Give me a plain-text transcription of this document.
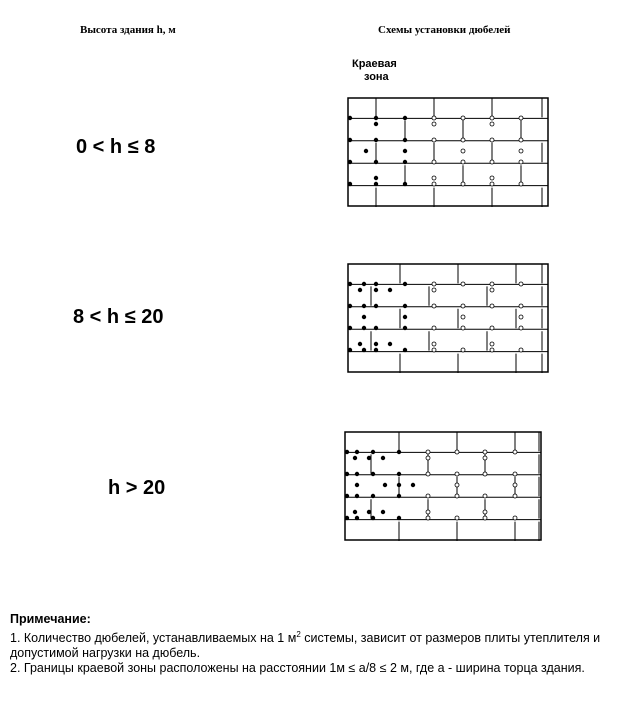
Высота здания h, м	Схемы установки дюбелей
Краевая
зона
0 < h ≤ 8
8 < h ≤ 20
h > 20
Примечание:

1. Количество дюбелей, устанавливаемых на 1 $м^2$ системы, зависит от размеров плиты утеплителя и допустимой нагрузки на дюбель.

2. Границы краевой зоны расположены на расстоянии 1м ≤ a/8 ≤ 2 м, где а - ширина торца здания.
